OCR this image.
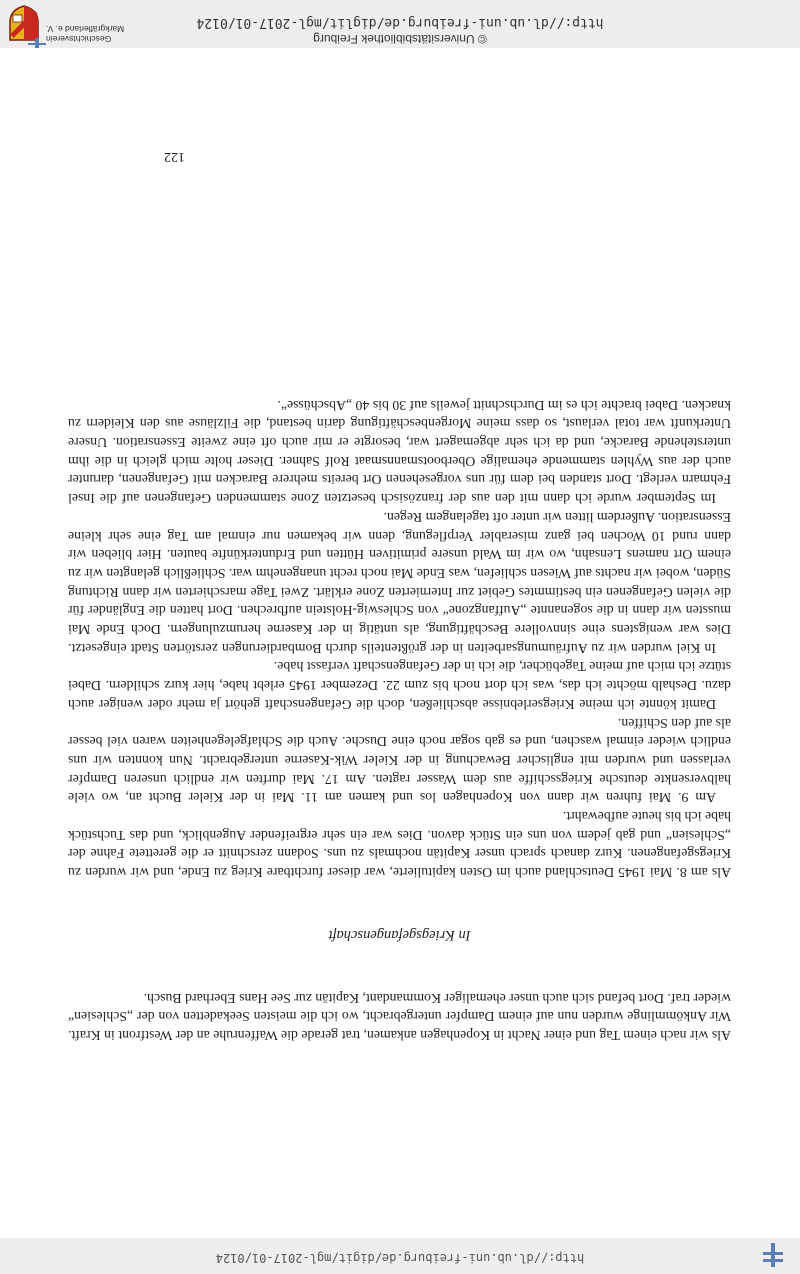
http://dl.ub.uni-freiburg.de/digit/mgl-2017-01/0124

Als wir nach einem Tag und einer Nacht in Kopenhagen ankamen, trat gerade die Waffenruhe an der Westfront in Kraft. Wir Ankömmlinge wurden nun auf einem Dampfer untergebracht, wo ich die meisten Seekadetten von der „Schlesien“ wieder traf. Dort befand sich auch unser ehemaliger Kommandant, Kapitän zur See Hans Eberhard Busch.

In Kriegsgefangenschaft

Als am 8. Mai 1945 Deutschland auch im Osten kapitulierte, war dieser furchtbare Krieg zu Ende, und wir wurden zu Kriegsgefangenen. Kurz danach sprach unser Kapitän nochmals zu uns. Sodann zerschnitt er die gerettete Fahne der „Schlesien“ und gab jedem von uns ein Stück davon. Dies war ein sehr ergreifender Augenblick, und das Tuchstück habe ich bis heute aufbewahrt.

Am 9. Mai fuhren wir dann von Kopenhagen los und kamen am 11. Mai in der Kieler Bucht an, wo viele halbversenkte deutsche Kriegsschiffe aus dem Wasser ragten. Am 17. Mai durften wir endlich unseren Dampfer verlassen und wurden mit englischer Bewachung in der Kieler Wik-Kaserne untergebracht. Nun konnten wir uns endlich wieder einmal waschen, und es gab sogar noch eine Dusche. Auch die Schlafgelegenheiten waren viel besser als auf den Schiffen.

Damit könnte ich meine Kriegserlebnisse abschließen, doch die Gefangenschaft gehört ja mehr oder weniger auch dazu. Deshalb möchte ich das, was ich dort noch bis zum 22. Dezember 1945 erlebt habe, hier kurz schildern. Dabei stütze ich mich auf meine Tagebücher, die ich in der Gefangenschaft verfasst habe.

In Kiel wurden wir zu Aufräumungsarbeiten in der größtenteils durch Bombardierungen zerstörten Stadt eingesetzt. Dies war wenigstens eine sinnvollere Beschäftigung, als untätig in der Kaserne herumzulungern. Doch Ende Mai mussten wir dann in die sogenannte „Auffangzone“ von Schleswig-Holstein aufbrechen. Dort hatten die Engländer für die vielen Gefangenen ein bestimmtes Gebiet zur Internierten Zone erklärt. Zwei Tage marschierten wir dann Richtung Süden, wobei wir nachts auf Wiesen schliefen, was Ende Mai noch recht unangenehm war. Schließlich gelangten wir zu einem Ort namens Lensahn, wo wir im Wald unsere primitiven Hütten und Erdunterkünfte bauten. Hier blieben wir dann rund 10 Wochen bei ganz miserabler Verpflegung, denn wir bekamen nur einmal am Tag eine sehr kleine Essensration. Außerdem litten wir unter oft tagelangem Regen.

Im September wurde ich dann mit den aus der französisch besetzten Zone stammenden Gefangenen auf die Insel Fehmarn verlegt. Dort standen bei dem für uns vorgesehenen Ort bereits mehrere Baracken mit Gefangenen, darunter auch der aus Wyhlen stammende ehemalige Oberbootsmannsmaat Rolf Sahner. Dieser holte mich gleich in die ihm unterstehende Baracke, und da ich sehr abgemagert war, besorgte er mir auch oft eine zweite Essensration. Unsere Unterkunft war total verlaust, so dass meine Morgenbeschäftigung darin bestand, die Filzläuse aus den Kleidern zu knacken. Dabei brachte ich es im Durchschnitt jeweils auf 30 bis 40 „Abschüsse“.

122
© Universitätsbibliothek Freiburg
http://dl.ub.uni-freiburg.de/diglit/mgl-2017-01/0124
Geschichtsverein
Markgräflerland e. V.
